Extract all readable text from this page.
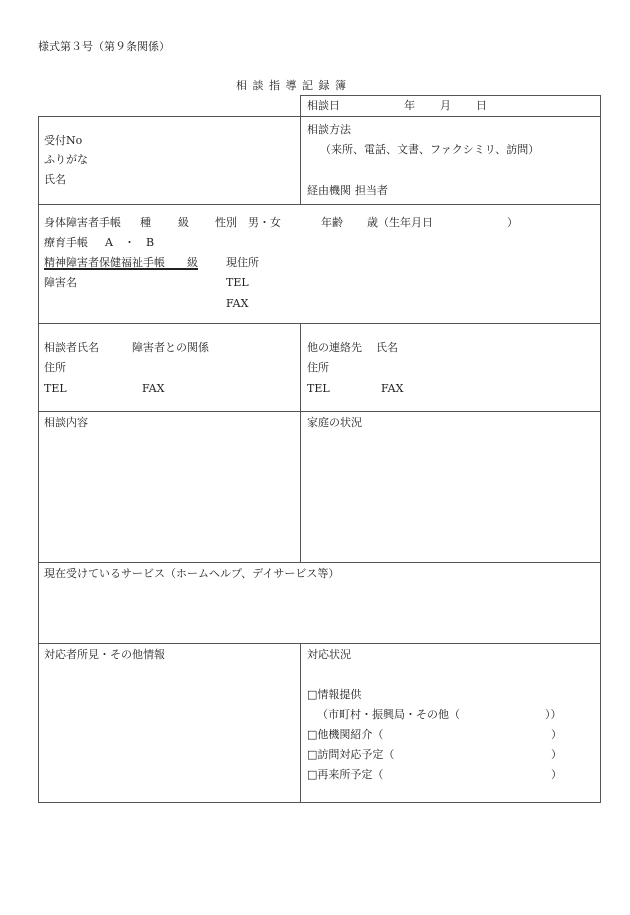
様式第３号（第９条関係）
相 談 指 導 記 録 簿
相談日	年 月 日
受付No
ふりがな
氏名
相談方法
（来所、電話、文書、ファクシミリ、訪問）
経由機関 担当者
身体障害者手帳 種 級 性別　男・女	年齢 歳（生年月日	）
療育手帳 A　・　B
精神障害者保健福祉手帳　　級	現住所
障害名	TEL
FAX
相談者氏名	障害者との関係
住所
TEL	FAX
他の連絡先 氏名
住所
TEL	FAX
相談内容	家庭の状況
現在受けているサービス（ホームヘルプ、デイサービス等）
対応者所見・その他情報	対応状況
□情報提供
（市町村・振興局・その他（	））
□他機関紹介（	）
□訪問対応予定（	）
□再来所予定（	）
